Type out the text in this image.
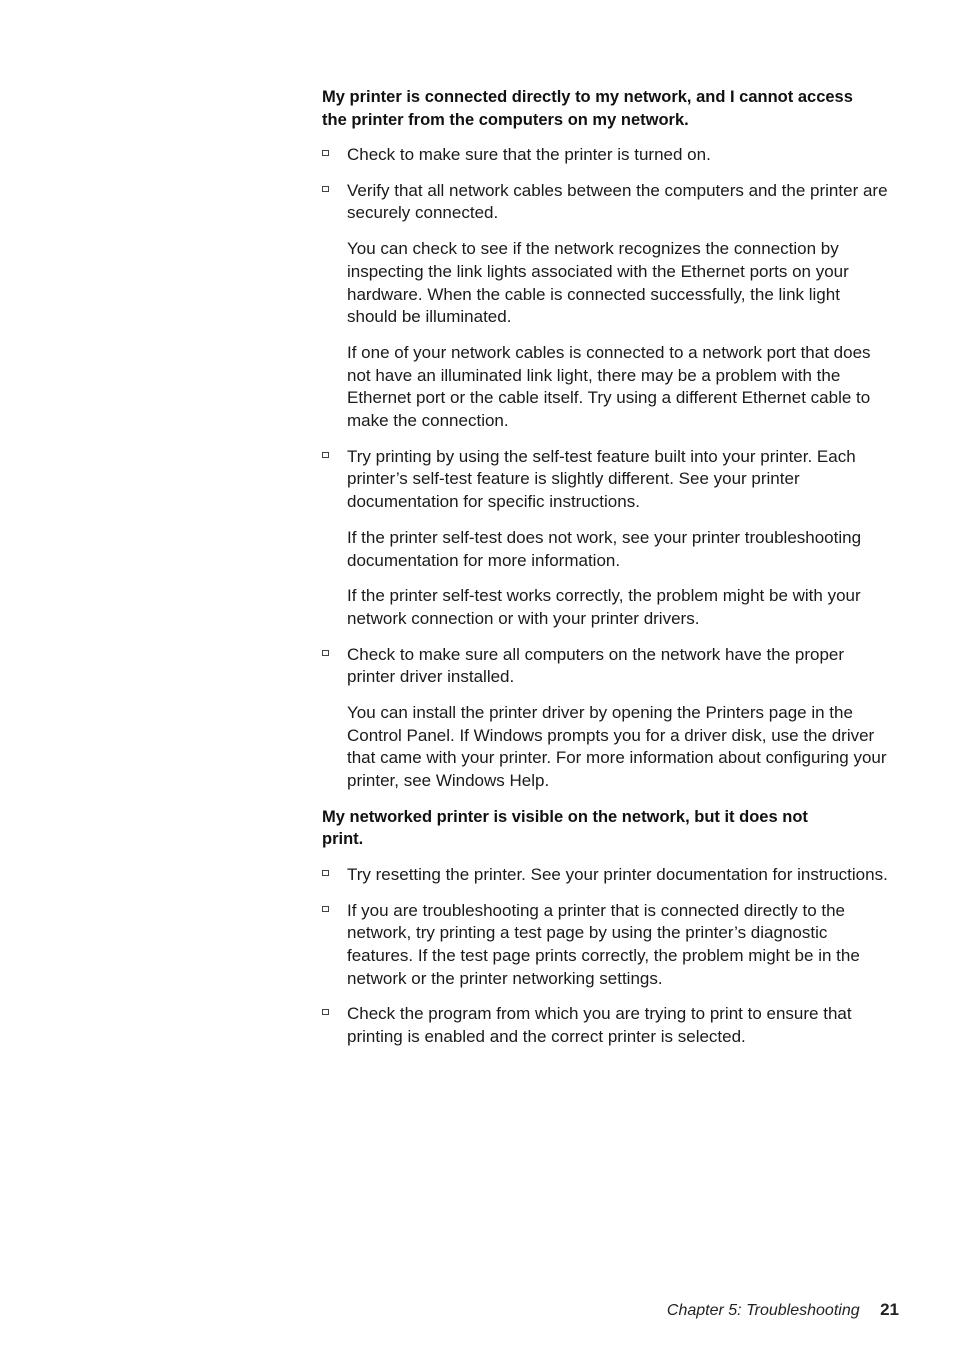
My printer is connected directly to my network, and I cannot access the printer from the computers on my network.

Check to make sure that the printer is turned on.

Verify that all network cables between the computers and the printer are securely connected.

You can check to see if the network recognizes the connection by inspecting the link lights associated with the Ethernet ports on your hardware. When the cable is connected successfully, the link light should be illuminated.

If one of your network cables is connected to a network port that does not have an illuminated link light, there may be a problem with the Ethernet port or the cable itself. Try using a different Ethernet cable to make the connection.

Try printing by using the self-test feature built into your printer. Each printer’s self-test feature is slightly different. See your printer documentation for specific instructions.

If the printer self-test does not work, see your printer troubleshooting documentation for more information.

If the printer self-test works correctly, the problem might be with your network connection or with your printer drivers.

Check to make sure all computers on the network have the proper printer driver installed.

You can install the printer driver by opening the Printers page in the Control Panel. If Windows prompts you for a driver disk, use the driver that came with your printer. For more information about configuring your printer, see Windows Help.

My networked printer is visible on the network, but it does not print.

Try resetting the printer. See your printer documentation for instructions.

If you are troubleshooting a printer that is connected directly to the network, try printing a test page by using the printer’s diagnostic features. If the test page prints correctly, the problem might be in the network or the printer networking settings.

Check the program from which you are trying to print to ensure that printing is enabled and the correct printer is selected.

Chapter 5: Troubleshooting 21
